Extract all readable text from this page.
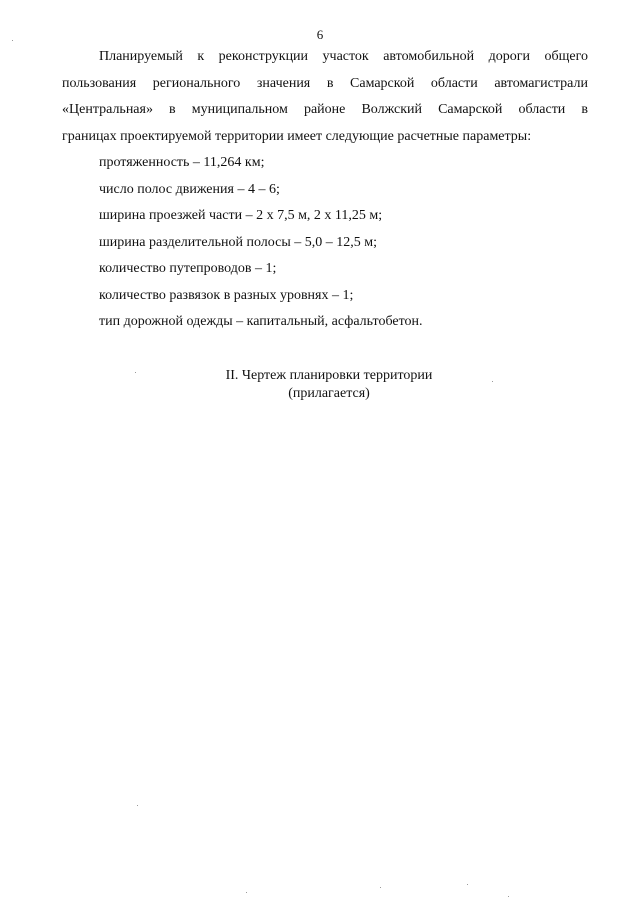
6

Планируемый к реконструкции участок автомобильной дороги общего
пользования регионального значения в Самарской области автомагистрали
«Центральная» в муниципальном районе Волжский Самарской области в
границах проектируемой территории имеет следующие расчетные параметры:

протяженность – 11,264 км;
число полос движения – 4 – 6;
ширина проезжей части – 2 х 7,5 м, 2 х 11,25 м;
ширина разделительной полосы – 5,0 – 12,5 м;
количество путепроводов – 1;
количество развязок в разных уровнях – 1;
тип дорожной одежды – капитальный, асфальтобетон.
II. Чертеж планировки территории
(прилагается)
